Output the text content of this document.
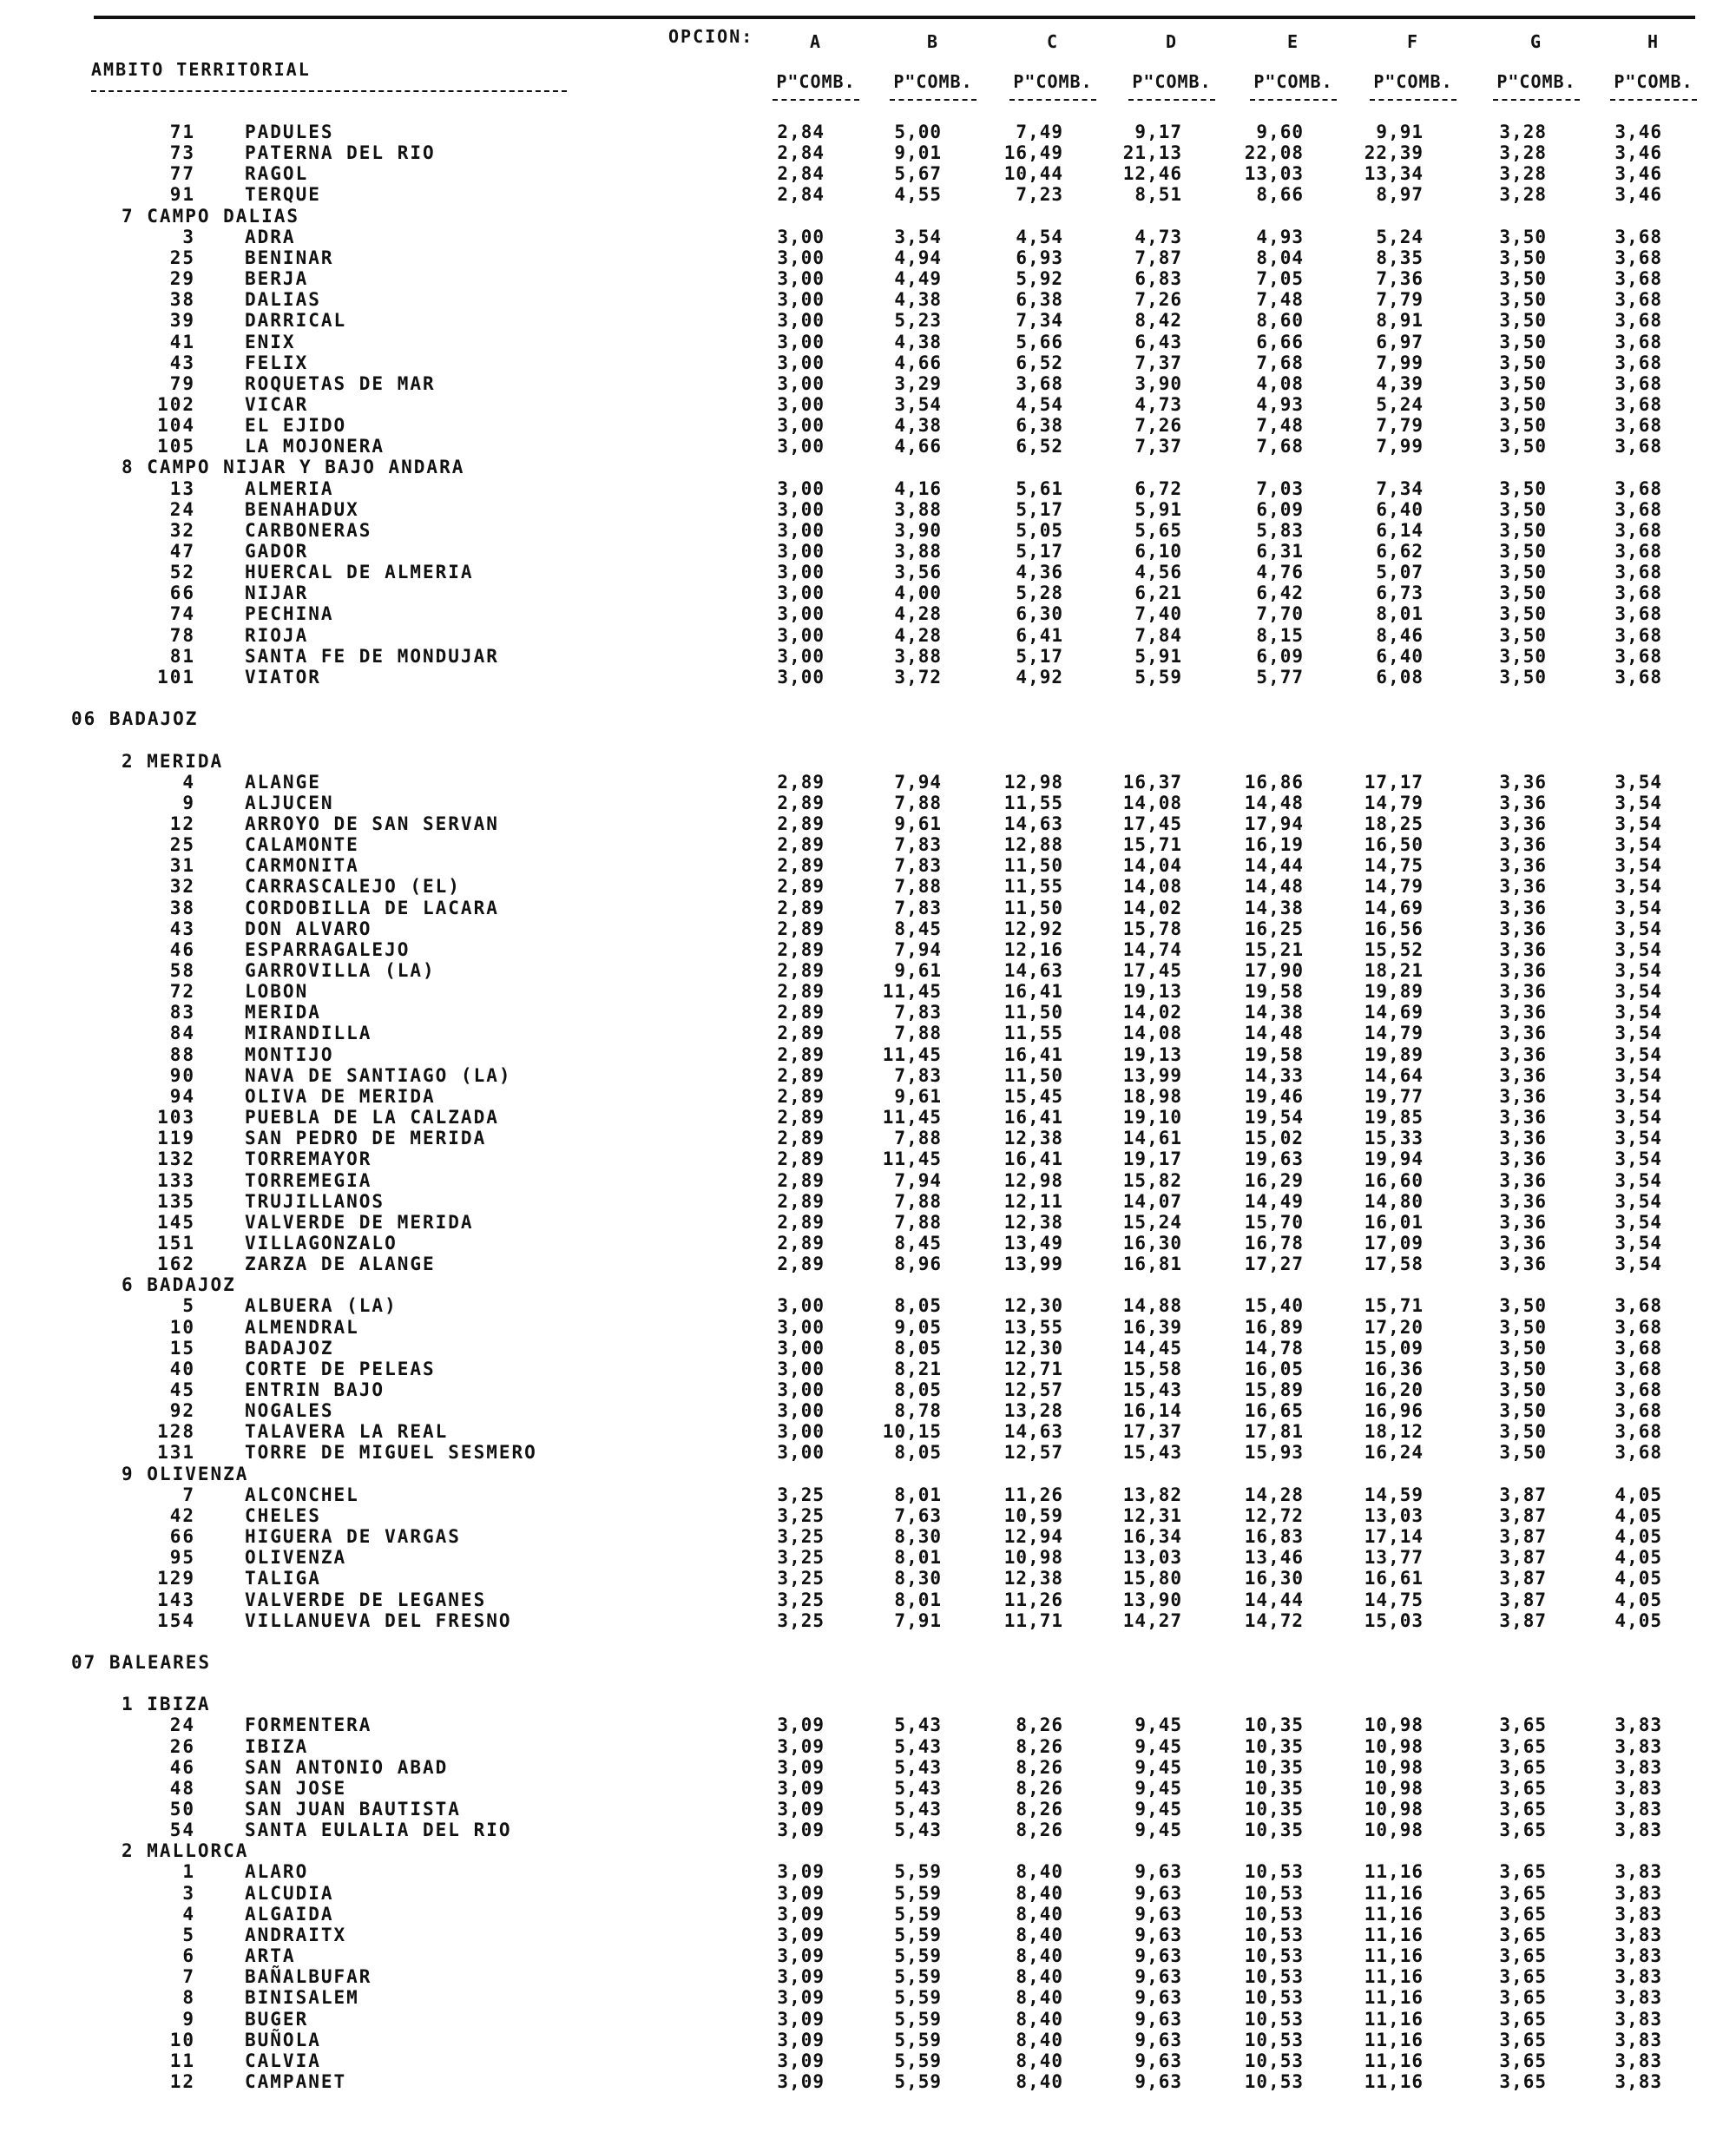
AMBITO TERRITORIAL
OPCION:	A	B	C	D	E	F	G	H
P"COMB.	P"COMB.	P"COMB.	P"COMB.	P"COMB.	P"COMB.	P"COMB.	P"COMB.
71	PADULES	2,84	5,00	7,49	9,17	9,60	9,91	3,28	3,46
73	PATERNA DEL RIO	2,84	9,01	16,49	21,13	22,08	22,39	3,28	3,46
77	RAGOL	2,84	5,67	10,44	12,46	13,03	13,34	3,28	3,46
91	TERQUE	2,84	4,55	7,23	8,51	8,66	8,97	3,28	3,46
7 CAMPO DALIAS
3	ADRA	3,00	3,54	4,54	4,73	4,93	5,24	3,50	3,68
25	BENINAR	3,00	4,94	6,93	7,87	8,04	8,35	3,50	3,68
29	BERJA	3,00	4,49	5,92	6,83	7,05	7,36	3,50	3,68
38	DALIAS	3,00	4,38	6,38	7,26	7,48	7,79	3,50	3,68
39	DARRICAL	3,00	5,23	7,34	8,42	8,60	8,91	3,50	3,68
41	ENIX	3,00	4,38	5,66	6,43	6,66	6,97	3,50	3,68
43	FELIX	3,00	4,66	6,52	7,37	7,68	7,99	3,50	3,68
79	ROQUETAS DE MAR	3,00	3,29	3,68	3,90	4,08	4,39	3,50	3,68
102	VICAR	3,00	3,54	4,54	4,73	4,93	5,24	3,50	3,68
104	EL EJIDO	3,00	4,38	6,38	7,26	7,48	7,79	3,50	3,68
105	LA MOJONERA	3,00	4,66	6,52	7,37	7,68	7,99	3,50	3,68
8 CAMPO NIJAR Y BAJO ANDARA
13	ALMERIA	3,00	4,16	5,61	6,72	7,03	7,34	3,50	3,68
24	BENAHADUX	3,00	3,88	5,17	5,91	6,09	6,40	3,50	3,68
32	CARBONERAS	3,00	3,90	5,05	5,65	5,83	6,14	3,50	3,68
47	GADOR	3,00	3,88	5,17	6,10	6,31	6,62	3,50	3,68
52	HUERCAL DE ALMERIA	3,00	3,56	4,36	4,56	4,76	5,07	3,50	3,68
66	NIJAR	3,00	4,00	5,28	6,21	6,42	6,73	3,50	3,68
74	PECHINA	3,00	4,28	6,30	7,40	7,70	8,01	3,50	3,68
78	RIOJA	3,00	4,28	6,41	7,84	8,15	8,46	3,50	3,68
81	SANTA FE DE MONDUJAR	3,00	3,88	5,17	5,91	6,09	6,40	3,50	3,68
101	VIATOR	3,00	3,72	4,92	5,59	5,77	6,08	3,50	3,68
06 BADAJOZ
2 MERIDA
4	ALANGE	2,89	7,94	12,98	16,37	16,86	17,17	3,36	3,54
9	ALJUCEN	2,89	7,88	11,55	14,08	14,48	14,79	3,36	3,54
12	ARROYO DE SAN SERVAN	2,89	9,61	14,63	17,45	17,94	18,25	3,36	3,54
25	CALAMONTE	2,89	7,83	12,88	15,71	16,19	16,50	3,36	3,54
31	CARMONITA	2,89	7,83	11,50	14,04	14,44	14,75	3,36	3,54
32	CARRASCALEJO (EL)	2,89	7,88	11,55	14,08	14,48	14,79	3,36	3,54
38	CORDOBILLA DE LACARA	2,89	7,83	11,50	14,02	14,38	14,69	3,36	3,54
43	DON ALVARO	2,89	8,45	12,92	15,78	16,25	16,56	3,36	3,54
46	ESPARRAGALEJO	2,89	7,94	12,16	14,74	15,21	15,52	3,36	3,54
58	GARROVILLA (LA)	2,89	9,61	14,63	17,45	17,90	18,21	3,36	3,54
72	LOBON	2,89	11,45	16,41	19,13	19,58	19,89	3,36	3,54
83	MERIDA	2,89	7,83	11,50	14,02	14,38	14,69	3,36	3,54
84	MIRANDILLA	2,89	7,88	11,55	14,08	14,48	14,79	3,36	3,54
88	MONTIJO	2,89	11,45	16,41	19,13	19,58	19,89	3,36	3,54
90	NAVA DE SANTIAGO (LA)	2,89	7,83	11,50	13,99	14,33	14,64	3,36	3,54
94	OLIVA DE MERIDA	2,89	9,61	15,45	18,98	19,46	19,77	3,36	3,54
103	PUEBLA DE LA CALZADA	2,89	11,45	16,41	19,10	19,54	19,85	3,36	3,54
119	SAN PEDRO DE MERIDA	2,89	7,88	12,38	14,61	15,02	15,33	3,36	3,54
132	TORREMAYOR	2,89	11,45	16,41	19,17	19,63	19,94	3,36	3,54
133	TORREMEGIA	2,89	7,94	12,98	15,82	16,29	16,60	3,36	3,54
135	TRUJILLANOS	2,89	7,88	12,11	14,07	14,49	14,80	3,36	3,54
145	VALVERDE DE MERIDA	2,89	7,88	12,38	15,24	15,70	16,01	3,36	3,54
151	VILLAGONZALO	2,89	8,45	13,49	16,30	16,78	17,09	3,36	3,54
162	ZARZA DE ALANGE	2,89	8,96	13,99	16,81	17,27	17,58	3,36	3,54
6 BADAJOZ
5	ALBUERA (LA)	3,00	8,05	12,30	14,88	15,40	15,71	3,50	3,68
10	ALMENDRAL	3,00	9,05	13,55	16,39	16,89	17,20	3,50	3,68
15	BADAJOZ	3,00	8,05	12,30	14,45	14,78	15,09	3,50	3,68
40	CORTE DE PELEAS	3,00	8,21	12,71	15,58	16,05	16,36	3,50	3,68
45	ENTRIN BAJO	3,00	8,05	12,57	15,43	15,89	16,20	3,50	3,68
92	NOGALES	3,00	8,78	13,28	16,14	16,65	16,96	3,50	3,68
128	TALAVERA LA REAL	3,00	10,15	14,63	17,37	17,81	18,12	3,50	3,68
131	TORRE DE MIGUEL SESMERO	3,00	8,05	12,57	15,43	15,93	16,24	3,50	3,68
9 OLIVENZA
7	ALCONCHEL	3,25	8,01	11,26	13,82	14,28	14,59	3,87	4,05
42	CHELES	3,25	7,63	10,59	12,31	12,72	13,03	3,87	4,05
66	HIGUERA DE VARGAS	3,25	8,30	12,94	16,34	16,83	17,14	3,87	4,05
95	OLIVENZA	3,25	8,01	10,98	13,03	13,46	13,77	3,87	4,05
129	TALIGA	3,25	8,30	12,38	15,80	16,30	16,61	3,87	4,05
143	VALVERDE DE LEGANES	3,25	8,01	11,26	13,90	14,44	14,75	3,87	4,05
154	VILLANUEVA DEL FRESNO	3,25	7,91	11,71	14,27	14,72	15,03	3,87	4,05
07 BALEARES
1 IBIZA
24	FORMENTERA	3,09	5,43	8,26	9,45	10,35	10,98	3,65	3,83
26	IBIZA	3,09	5,43	8,26	9,45	10,35	10,98	3,65	3,83
46	SAN ANTONIO ABAD	3,09	5,43	8,26	9,45	10,35	10,98	3,65	3,83
48	SAN JOSE	3,09	5,43	8,26	9,45	10,35	10,98	3,65	3,83
50	SAN JUAN BAUTISTA	3,09	5,43	8,26	9,45	10,35	10,98	3,65	3,83
54	SANTA EULALIA DEL RIO	3,09	5,43	8,26	9,45	10,35	10,98	3,65	3,83
2 MALLORCA
1	ALARO	3,09	5,59	8,40	9,63	10,53	11,16	3,65	3,83
3	ALCUDIA	3,09	5,59	8,40	9,63	10,53	11,16	3,65	3,83
4	ALGAIDA	3,09	5,59	8,40	9,63	10,53	11,16	3,65	3,83
5	ANDRAITX	3,09	5,59	8,40	9,63	10,53	11,16	3,65	3,83
6	ARTA	3,09	5,59	8,40	9,63	10,53	11,16	3,65	3,83
7	BAÑALBUFAR	3,09	5,59	8,40	9,63	10,53	11,16	3,65	3,83
8	BINISALEM	3,09	5,59	8,40	9,63	10,53	11,16	3,65	3,83
9	BUGER	3,09	5,59	8,40	9,63	10,53	11,16	3,65	3,83
10	BUÑOLA	3,09	5,59	8,40	9,63	10,53	11,16	3,65	3,83
11	CALVIA	3,09	5,59	8,40	9,63	10,53	11,16	3,65	3,83
12	CAMPANET	3,09	5,59	8,40	9,63	10,53	11,16	3,65	3,83
